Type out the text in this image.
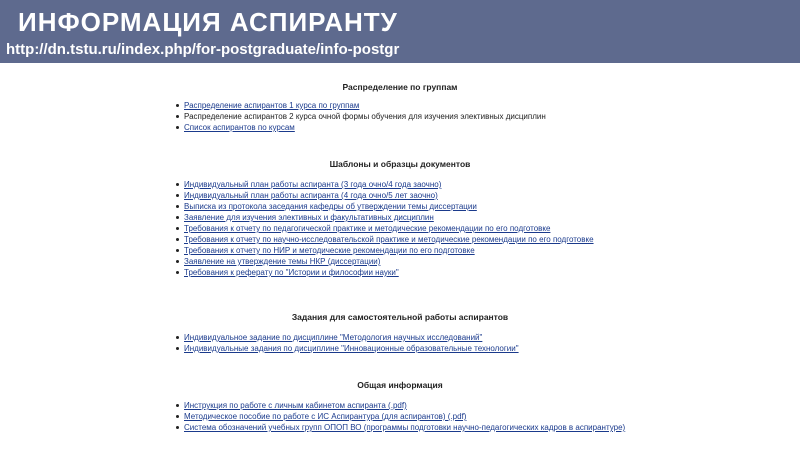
ИНФОРМАЦИЯ АСПИРАНТУ
http://dn.tstu.ru/index.php/for-postgraduate/info-postgr
Распределение по группам
Распределение аспирантов 1 курса по группам
Распределение аспирантов 2 курса очной формы обучения для изучения элективных дисциплин
Список аспирантов по курсам
Шаблоны и образцы документов
Индивидуальный план работы аспиранта (3 года очно/4 года заочно)
Индивидуальный план работы аспиранта (4 года очно/5 лет заочно)
Выписка из протокола заседания кафедры об утверждении темы диссертации
Заявление для изучения элективных и факультативных дисциплин
Требования к отчету по педагогической практике и методические рекомендации по его подготовке
Требования к отчету по научно-исследовательской практике и методические рекомендации по его подготовке
Требования к отчету по НИР и методические рекомендации по его подготовке
Заявление на утверждение темы НКР (диссертации)
Требования к реферату по "Истории и философии науки"
Задания для самостоятельной работы аспирантов
Индивидуальное задание по дисциплине "Методология научных исследований"
Индивидуальные задания по дисциплине "Инновационные образовательные технологии"
Общая информация
Инструкция по работе с личным кабинетом аспиранта (.pdf)
Методическое пособие по работе с ИС Аспирантура (для аспирантов) (.pdf)
Система обозначений учебных групп ОПОП ВО (программы подготовки научно-педагогических кадров в аспирантуре)
